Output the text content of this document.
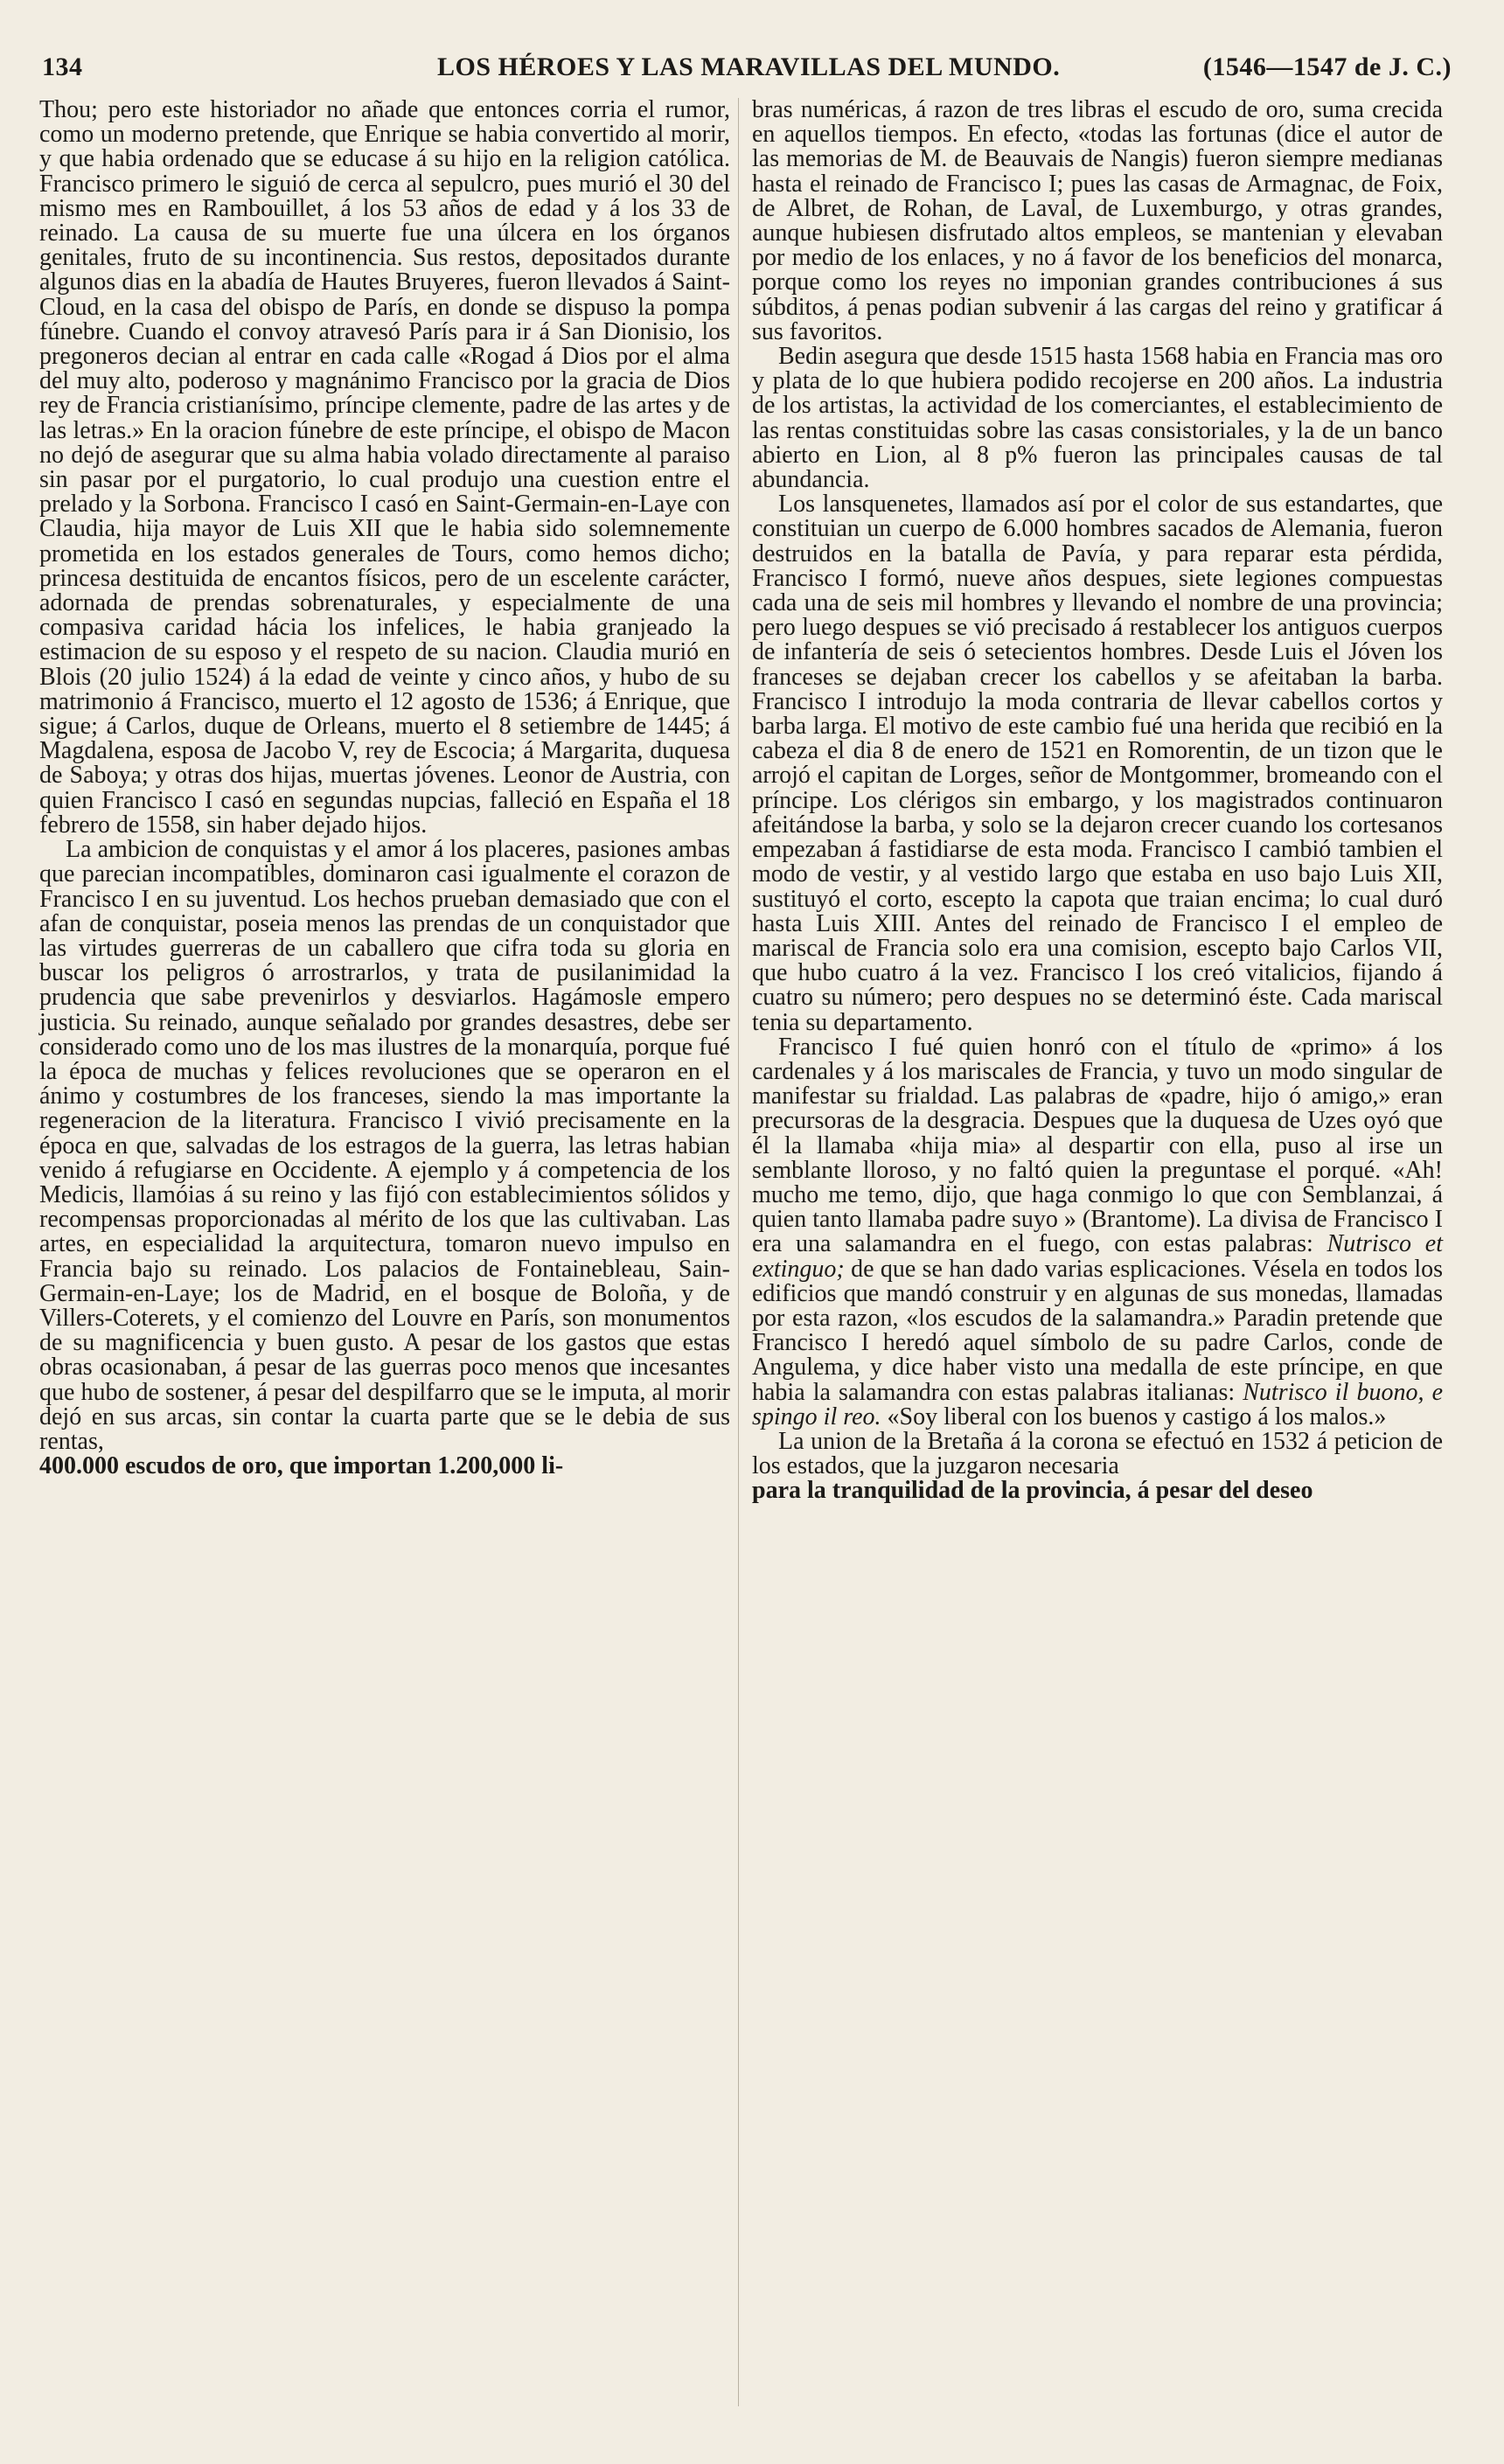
134	LOS HÉROES Y LAS MARAVILLAS DEL MUNDO.	(1546—1547 de J. C.)

Thou; pero este historiador no añade que entonces corria el rumor, como un moderno pretende, que Enrique se habia convertido al morir, y que habia ordenado que se educase á su hijo en la religion católica. Francisco primero le siguió de cerca al sepulcro, pues murió el 30 del mismo mes en Rambouillet, á los 53 años de edad y á los 33 de reinado. La causa de su muerte fue una úlcera en los órganos genitales, fruto de su incontinencia. Sus restos, depositados durante algunos dias en la abadía de Hautes Bruyeres, fueron llevados á Saint-Cloud, en la casa del obispo de París, en donde se dispuso la pompa fúnebre. Cuando el convoy atravesó París para ir á San Dionisio, los pregoneros decian al entrar en cada calle «Rogad á Dios por el alma del muy alto, poderoso y magnánimo Francisco por la gracia de Dios rey de Francia cristianísimo, príncipe clemente, padre de las artes y de las letras.» En la oracion fúnebre de este príncipe, el obispo de Macon no dejó de asegurar que su alma habia volado directamente al paraiso sin pasar por el purgatorio, lo cual produjo una cuestion entre el prelado y la Sorbona. Francisco I casó en Saint-Germain-en-Laye con Claudia, hija mayor de Luis XII que le habia sido solemnemente prometida en los estados generales de Tours, como hemos dicho; princesa destituida de encantos físicos, pero de un escelente carácter, adornada de prendas sobrenaturales, y especialmente de una compasiva caridad hácia los infelices, le habia granjeado la estimacion de su esposo y el respeto de su nacion. Claudia murió en Blois (20 julio 1524) á la edad de veinte y cinco años, y hubo de su matrimonio á Francisco, muerto el 12 agosto de 1536; á Enrique, que sigue; á Carlos, duque de Orleans, muerto el 8 setiembre de 1445; á Magdalena, esposa de Jacobo V, rey de Escocia; á Margarita, duquesa de Saboya; y otras dos hijas, muertas jóvenes. Leonor de Austria, con quien Francisco I casó en segundas nupcias, falleció en España el 18 febrero de 1558, sin haber dejado hijos.

La ambicion de conquistas y el amor á los placeres, pasiones ambas que parecian incompatibles, dominaron casi igualmente el corazon de Francisco I en su juventud. Los hechos prueban demasiado que con el afan de conquistar, poseia menos las prendas de un conquistador que las virtudes guerreras de un caballero que cifra toda su gloria en buscar los peligros ó arrostrarlos, y trata de pusilanimidad la prudencia que sabe prevenirlos y desviarlos. Hagámosle empero justicia. Su reinado, aunque señalado por grandes desastres, debe ser considerado como uno de los mas ilustres de la monarquía, porque fué la época de muchas y felices revoluciones que se operaron en el ánimo y costumbres de los franceses, siendo la mas importante la regeneracion de la literatura. Francisco I vivió precisamente en la época en que, salvadas de los estragos de la guerra, las letras habian venido á refugiarse en Occidente. A ejemplo y á competencia de los Medicis, llamóias á su reino y las fijó con establecimientos sólidos y recompensas proporcionadas al mérito de los que las cultivaban. Las artes, en especialidad la arquitectura, tomaron nuevo impulso en Francia bajo su reinado. Los palacios de Fontainebleau, Sain-Germain-en-Laye; los de Madrid, en el bosque de Boloña, y de Villers-Coterets, y el comienzo del Louvre en París, son monumentos de su magnificencia y buen gusto. A pesar de los gastos que estas obras ocasionaban, á pesar de las guerras poco menos que incesantes que hubo de sostener, á pesar del despilfarro que se le imputa, al morir dejó en sus arcas, sin contar la cuarta parte que se le debia de sus rentas,

400.000 escudos de oro, que importan 1.200,000 li-

bras numéricas, á razon de tres libras el escudo de oro, suma crecida en aquellos tiempos. En efecto, «todas las fortunas (dice el autor de las memorias de M. de Beauvais de Nangis) fueron siempre medianas hasta el reinado de Francisco I; pues las casas de Armagnac, de Foix, de Albret, de Rohan, de Laval, de Luxemburgo, y otras grandes, aunque hubiesen disfrutado altos empleos, se mantenian y elevaban por medio de los enlaces, y no á favor de los beneficios del monarca, porque como los reyes no imponian grandes contribuciones á sus súbditos, á penas podian subvenir á las cargas del reino y gratificar á sus favoritos.

Bedin asegura que desde 1515 hasta 1568 habia en Francia mas oro y plata de lo que hubiera podido recojerse en 200 años. La industria de los artistas, la actividad de los comerciantes, el establecimiento de las rentas constituidas sobre las casas consistoriales, y la de un banco abierto en Lion, al 8 p% fueron las principales causas de tal abundancia.

Los lansquenetes, llamados así por el color de sus estandartes, que constituian un cuerpo de 6.000 hombres sacados de Alemania, fueron destruidos en la batalla de Pavía, y para reparar esta pérdida, Francisco I formó, nueve años despues, siete legiones compuestas cada una de seis mil hombres y llevando el nombre de una provincia; pero luego despues se vió precisado á restablecer los antiguos cuerpos de infantería de seis ó setecientos hombres. Desde Luis el Jóven los franceses se dejaban crecer los cabellos y se afeitaban la barba. Francisco I introdujo la moda contraria de llevar cabellos cortos y barba larga. El motivo de este cambio fué una herida que recibió en la cabeza el dia 8 de enero de 1521 en Romorentin, de un tizon que le arrojó el capitan de Lorges, señor de Montgommer, bromeando con el príncipe. Los clérigos sin embargo, y los magistrados continuaron afeitándose la barba, y solo se la dejaron crecer cuando los cortesanos empezaban á fastidiarse de esta moda. Francisco I cambió tambien el modo de vestir, y al vestido largo que estaba en uso bajo Luis XII, sustituyó el corto, escepto la capota que traian encima; lo cual duró hasta Luis XIII. Antes del reinado de Francisco I el empleo de mariscal de Francia solo era una comision, escepto bajo Carlos VII, que hubo cuatro á la vez. Francisco I los creó vitalicios, fijando á cuatro su número; pero despues no se determinó éste. Cada mariscal tenia su departamento.

Francisco I fué quien honró con el título de «primo» á los cardenales y á los mariscales de Francia, y tuvo un modo singular de manifestar su frialdad. Las palabras de «padre, hijo ó amigo,» eran precursoras de la desgracia. Despues que la duquesa de Uzes oyó que él la llamaba «hija mia» al despartir con ella, puso al irse un semblante lloroso, y no faltó quien la preguntase el porqué. «Ah! mucho me temo, dijo, que haga conmigo lo que con Semblanzai, á quien tanto llamaba padre suyo » (Brantome). La divisa de Francisco I era una salamandra en el fuego, con estas palabras: Nutrisco et extinguo; de que se han dado varias esplicaciones. Vésela en todos los edificios que mandó construir y en algunas de sus monedas, llamadas por esta razon, «los escudos de la salamandra.» Paradin pretende que Francisco I heredó aquel símbolo de su padre Carlos, conde de Angulema, y dice haber visto una medalla de este príncipe, en que habia la salamandra con estas palabras italianas: Nutrisco il buono, e spingo il reo. «Soy liberal con los buenos y castigo á los malos.»

La union de la Bretaña á la corona se efectuó en 1532 á peticion de los estados, que la juzgaron necesaria

para la tranquilidad de la provincia, á pesar del deseo
